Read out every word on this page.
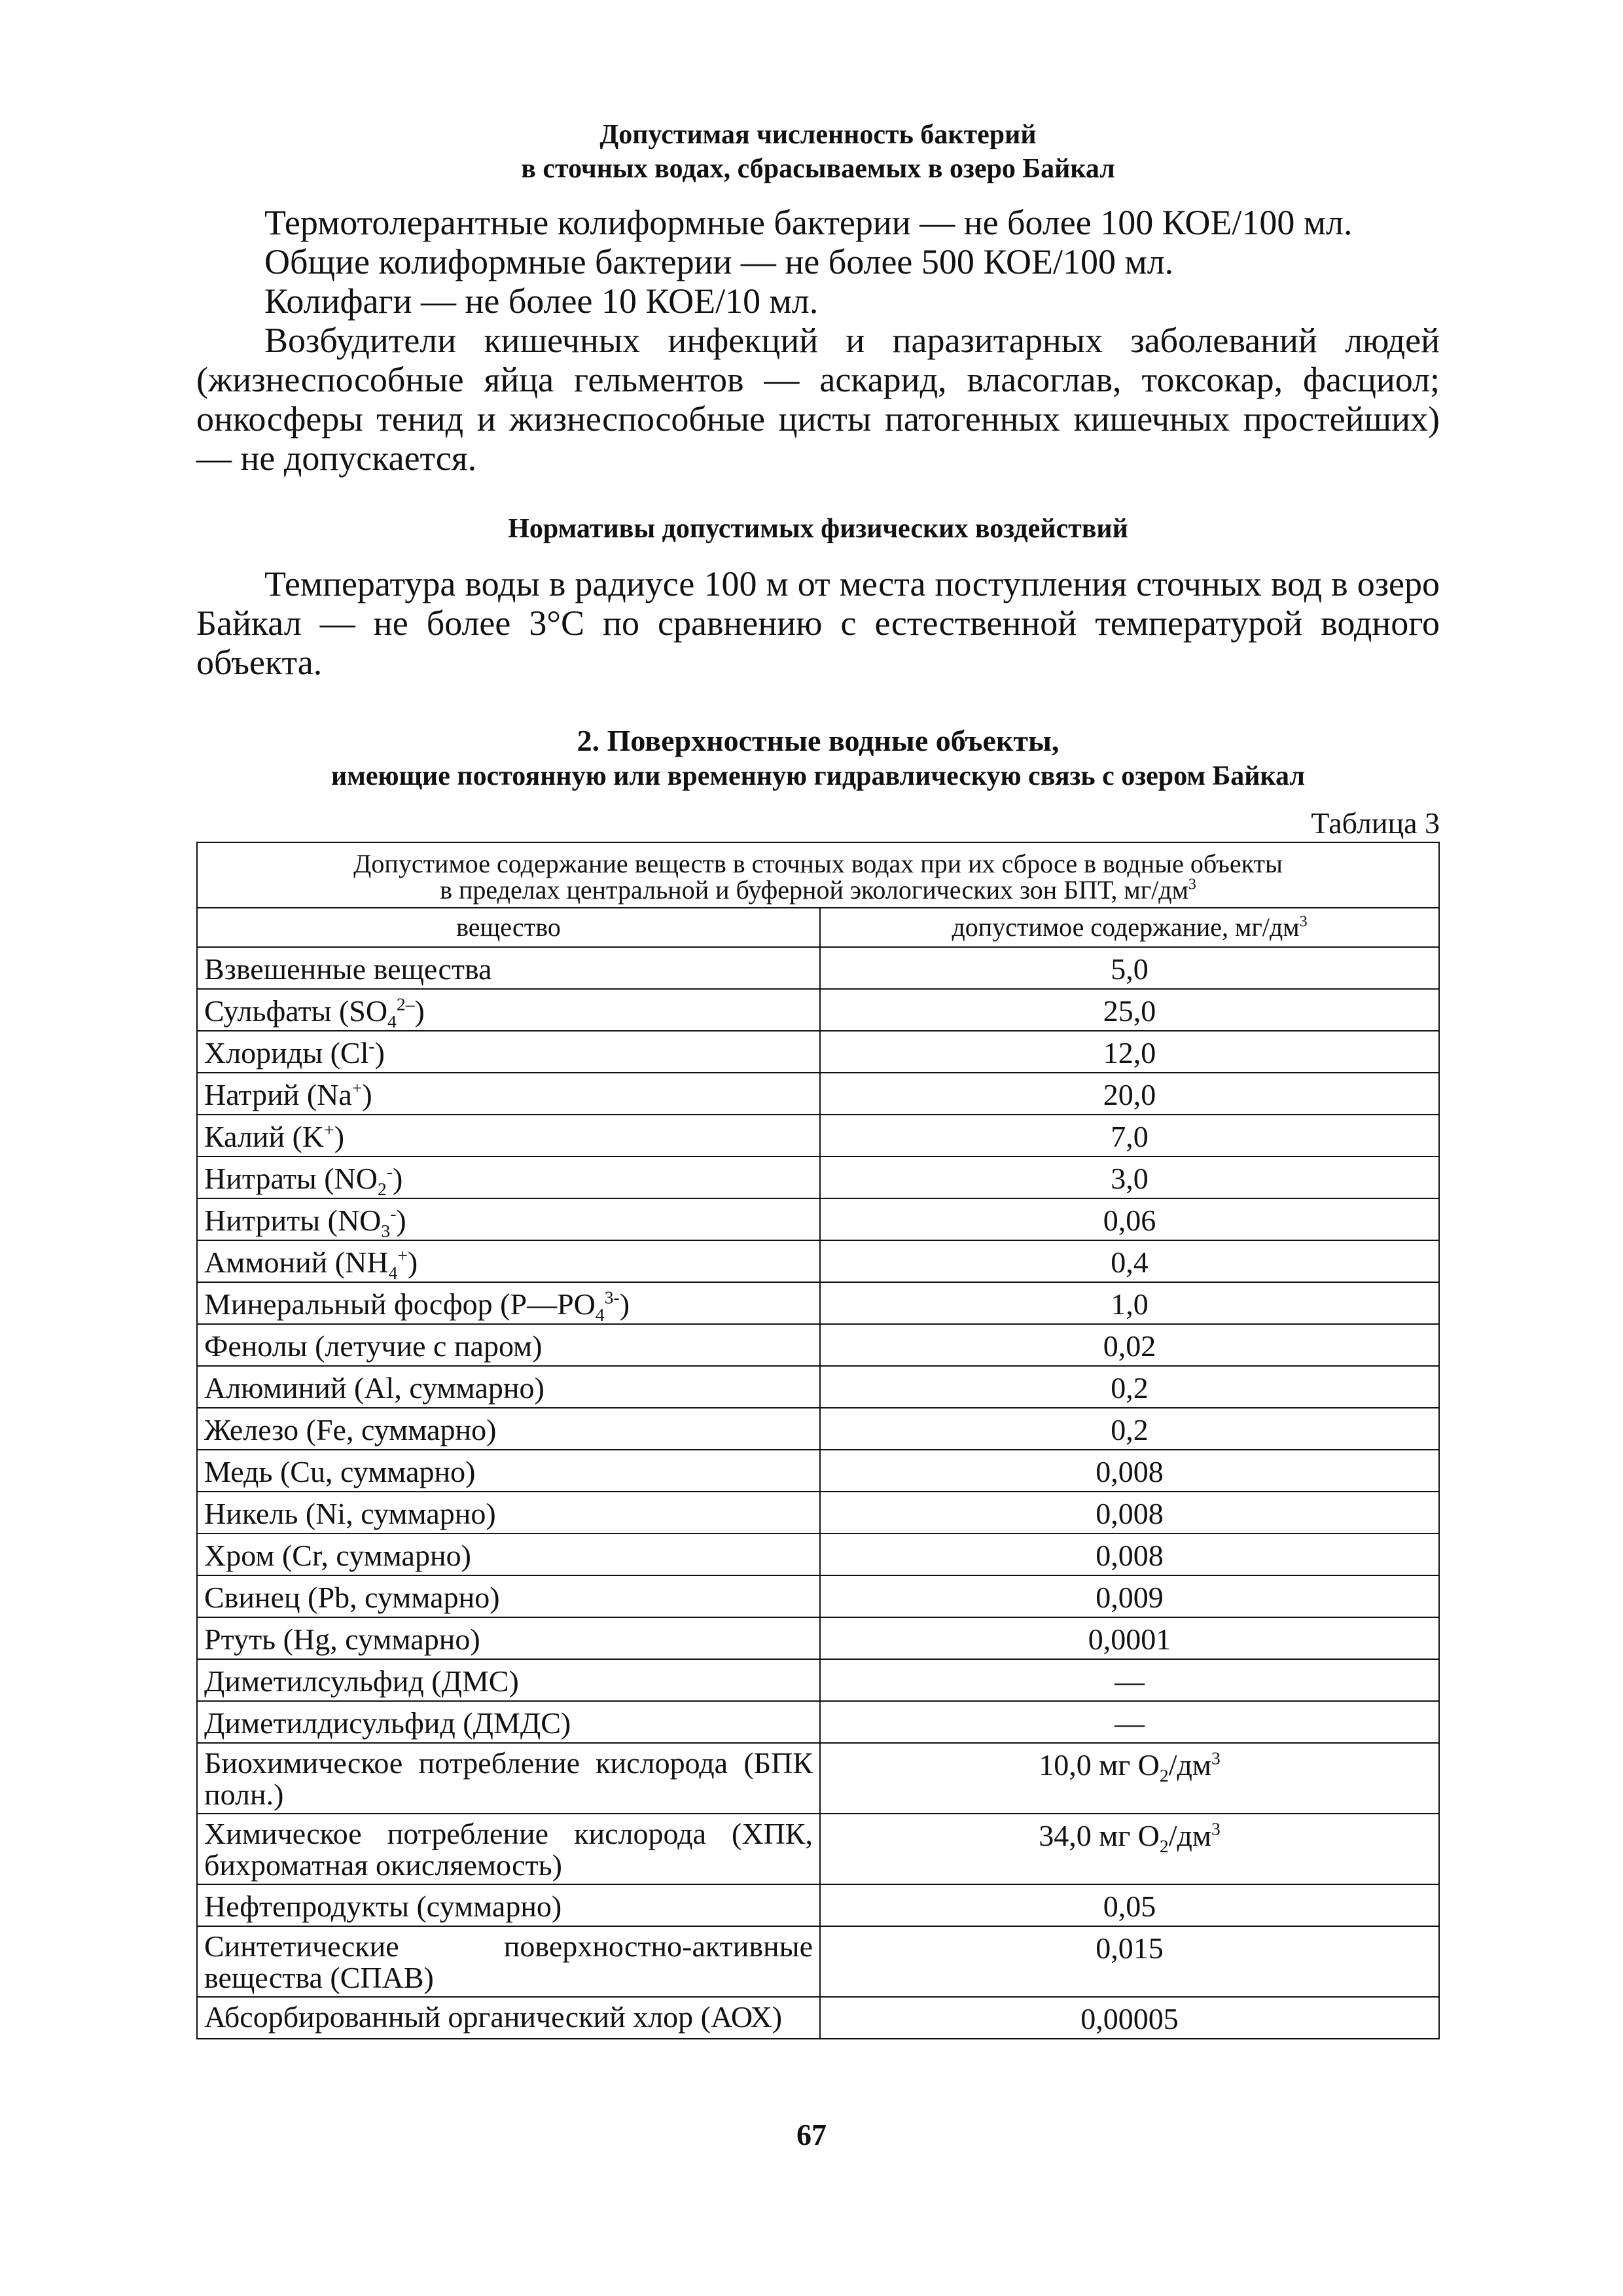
Допустимая численность бактерий
в сточных водах, сбрасываемых в озеро Байкал

Термотолерантные колиформные бактерии — не более 100 КОЕ/100 мл.

Общие колиформные бактерии — не более 500 КОЕ/100 мл.

Колифаги — не более 10 КОЕ/10 мл.

Возбудители кишечных инфекций и паразитарных заболеваний людей (жизнеспособные яйца гельментов — аскарид, власоглав, токсокар, фасциол; онкосферы тенид и жизнеспособные цисты патогенных кишечных простейших) — не допускается.

Нормативы допустимых физических воздействий

Температура воды в радиусе 100 м от места поступления сточных вод в озеро Байкал — не более 3°С по сравнению с естественной температурой водного объекта.

2. Поверхностные водные объекты,
имеющие постоянную или временную гидравлическую связь с озером Байкал
Таблица 3
Допустимое содержание веществ в сточных водах при их сбросе в водные объекты
в пределах центральной и буферной экологических зон БПТ, $мг/дм^3$
вещество	допустимое содержание, $мг/дм^3$
Взвешенные вещества	5,0
Сульфаты $(SO_4^{2-})$	25,0
Хлориды (Cl-)	12,0
Натрий (Na+)	20,0
Калий (K+)	7,0
Нитраты $(NO_2^-)$	3,0
Нитриты $(NO_3^-)$	0,06
Аммоний $(NH_4^+)$	0,4
Минеральный фосфор $(P—PO_4^{3-})$	1,0
Фенолы (летучие с паром)	0,02
Алюминий (Al, суммарно)	0,2
Железо (Fe, суммарно)	0,2
Медь (Cu, суммарно)	0,008
Никель (Ni, суммарно)	0,008
Хром (Cr, суммарно)	0,008
Свинец (Pb, суммарно)	0,009
Ртуть (Hg, суммарно)	0,0001
Диметилсульфид (ДМС)	—
Диметилдисульфид (ДМДС)	—
Биохимическое потребление кислорода (БПК полн.)	10,0 мг $O_2/дм^3$
Химическое потребление кислорода (ХПК, бихроматная окисляемость)	34,0 мг $O_2/дм^3$
Нефтепродукты (суммарно)	0,05
Синтетические поверхностно-активные вещества (СПАВ)	0,015
Абсорбированный органический хлор (АОХ)	0,00005
67
